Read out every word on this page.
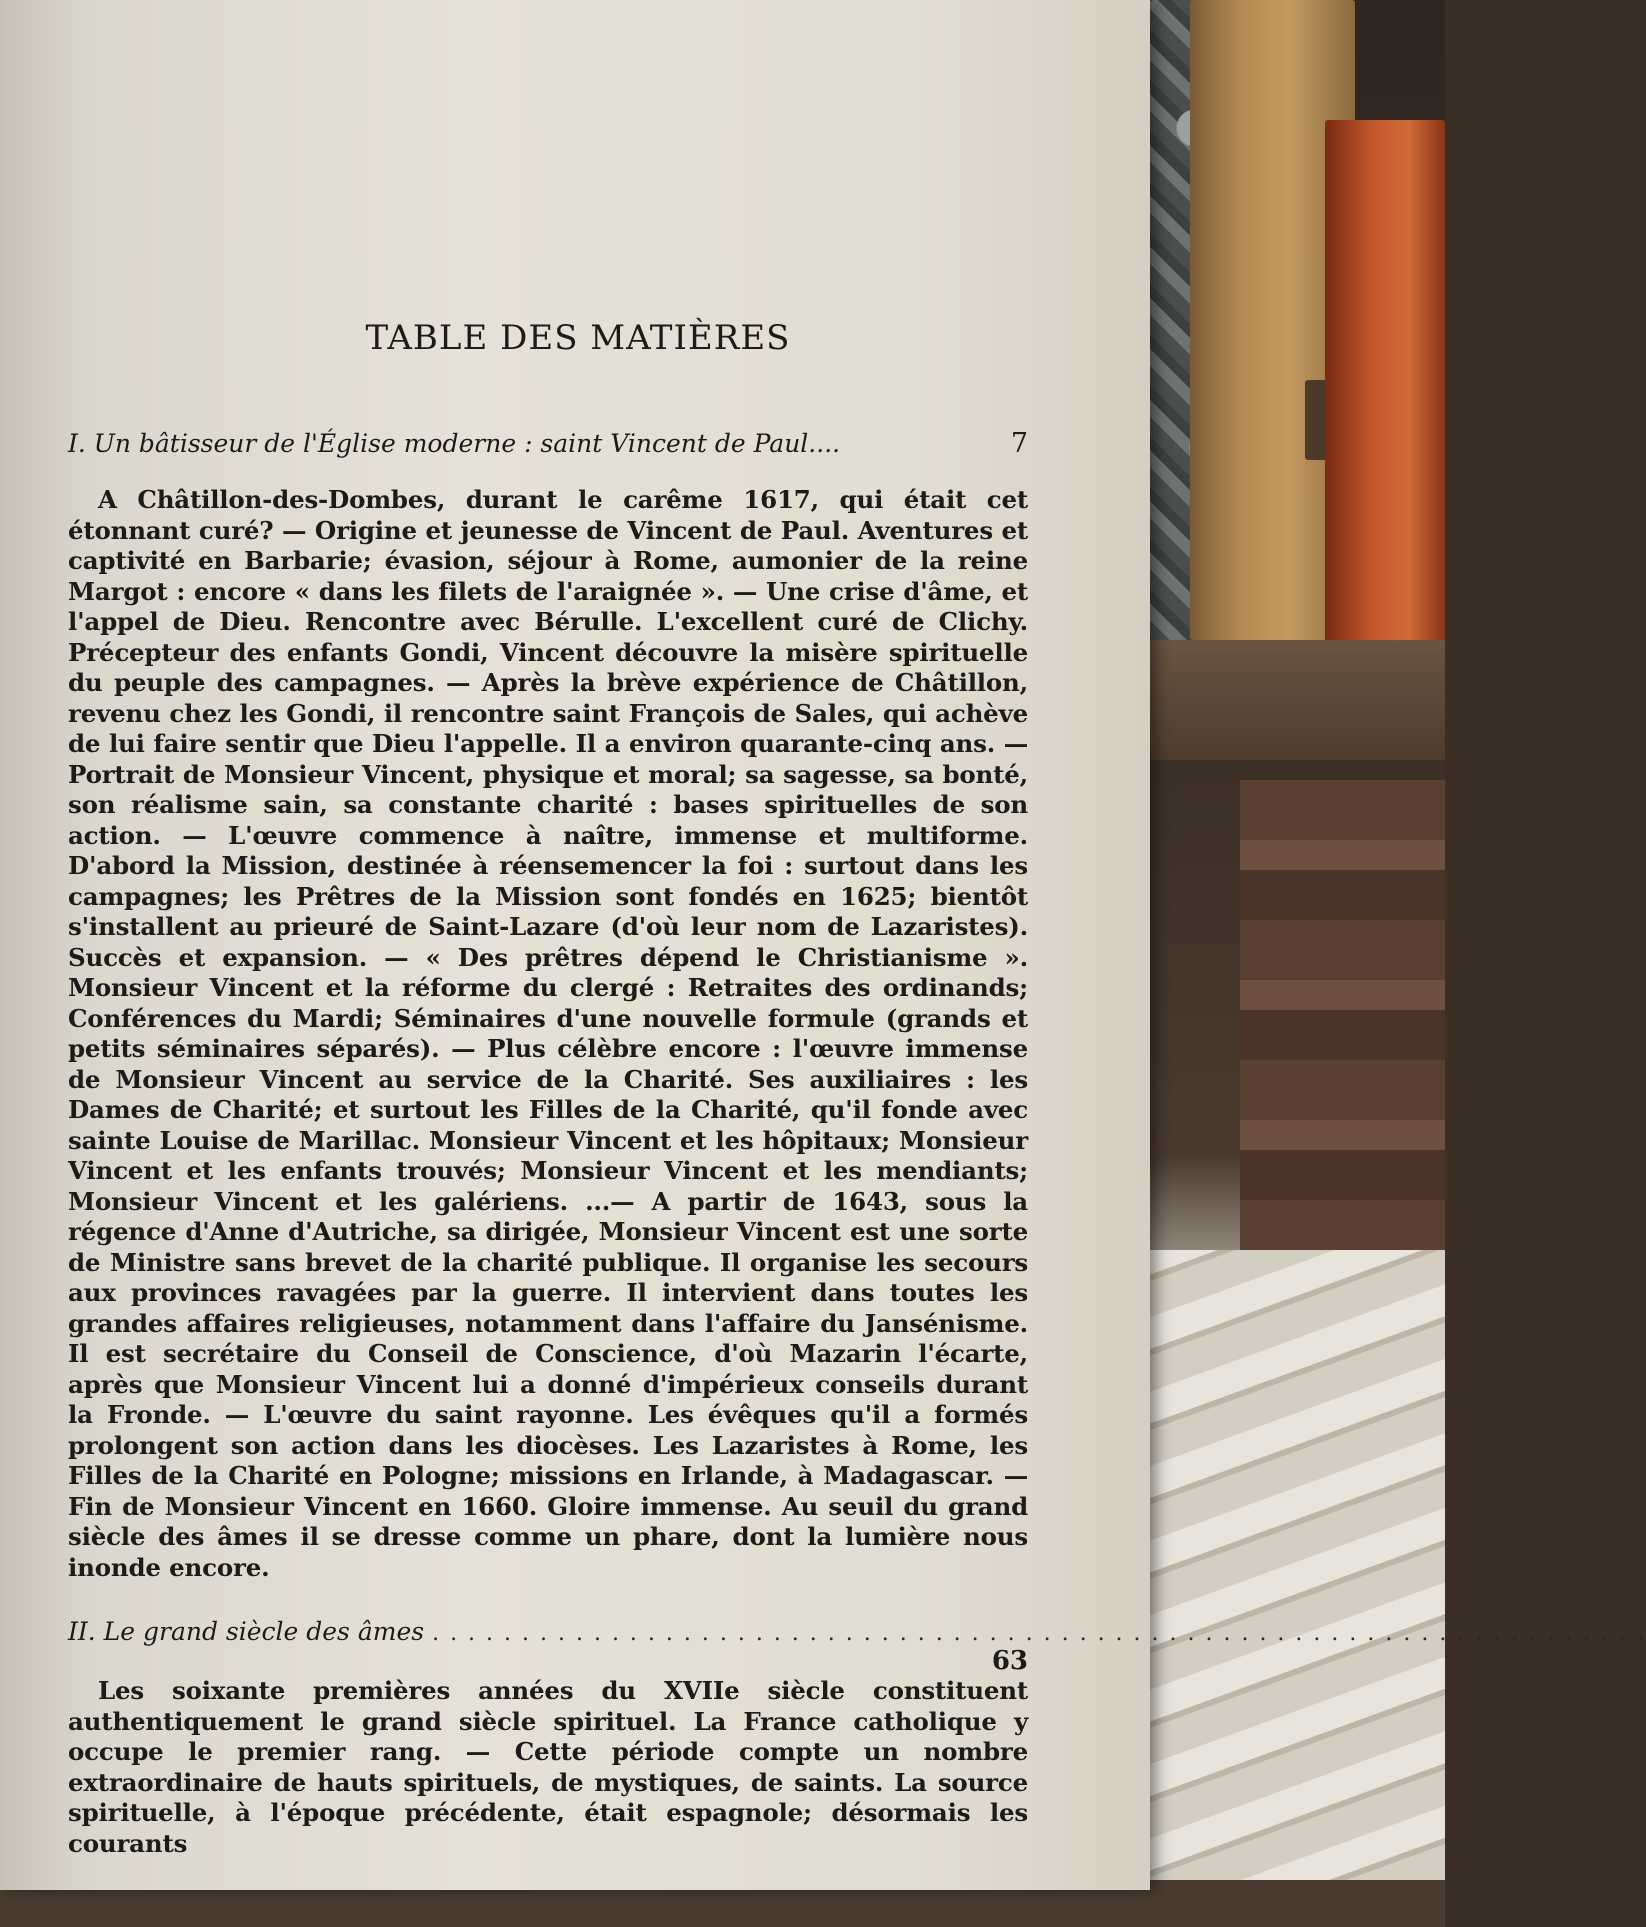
TABLE DES MATIÈRES
I. Un bâtisseur de l'Église moderne : saint Vincent de Paul....	7

A Châtillon-des-Dombes, durant le carême 1617, qui était cet étonnant curé? — Origine et jeunesse de Vincent de Paul. Aventures et captivité en Barbarie; évasion, séjour à Rome, aumonier de la reine Margot : encore « dans les filets de l'araignée ». — Une crise d'âme, et l'appel de Dieu. Rencontre avec Bérulle. L'excellent curé de Clichy. Précepteur des enfants Gondi, Vincent découvre la misère spirituelle du peuple des campagnes. — Après la brève expérience de Châtillon, revenu chez les Gondi, il rencontre saint François de Sales, qui achève de lui faire sentir que Dieu l'appelle. Il a environ quarante-cinq ans. — Portrait de Monsieur Vincent, physique et moral; sa sagesse, sa bonté, son réalisme sain, sa constante charité : bases spirituelles de son action. — L'œuvre commence à naître, immense et multiforme. D'abord la Mission, destinée à réensemencer la foi : surtout dans les campagnes; les Prêtres de la Mission sont fondés en 1625; bientôt s'installent au prieuré de Saint-Lazare (d'où leur nom de Lazaristes). Succès et expansion. — « Des prêtres dépend le Christianisme ». Monsieur Vincent et la réforme du clergé : Retraites des ordinands; Conférences du Mardi; Séminaires d'une nouvelle formule (grands et petits séminaires séparés). — Plus célèbre encore : l'œuvre immense de Monsieur Vincent au service de la Charité. Ses auxiliaires : les Dames de Charité; et surtout les Filles de la Charité, qu'il fonde avec sainte Louise de Marillac. Monsieur Vincent et les hôpitaux; Monsieur Vincent et les enfants trouvés; Monsieur Vincent et les mendiants; Monsieur Vincent et les galériens. ...— A partir de 1643, sous la régence d'Anne d'Autriche, sa dirigée, Monsieur Vincent est une sorte de Ministre sans brevet de la charité publique. Il organise les secours aux provinces ravagées par la guerre. Il intervient dans toutes les grandes affaires religieuses, notamment dans l'affaire du Jansénisme. Il est secrétaire du Conseil de Conscience, d'où Mazarin l'écarte, après que Monsieur Vincent lui a donné d'impérieux conseils durant la Fronde. — L'œuvre du saint rayonne. Les évêques qu'il a formés prolongent son action dans les diocèses. Les Lazaristes à Rome, les Filles de la Charité en Pologne; missions en Irlande, à Madagascar. — Fin de Monsieur Vincent en 1660. Gloire immense. Au seuil du grand siècle des âmes il se dresse comme un phare, dont la lumière nous inonde encore.

II. Le grand siècle des âmes . . . . . . . . . . . . . . . . . . . . . . . . . . . . . . . . . . . . . . . . . . . . . . . . . . . . . . . . . . . . . . . . . . . .
63

Les soixante premières années du XVIIe siècle constituent authentiquement le grand siècle spirituel. La France catholique y occupe le premier rang. — Cette période compte un nombre extraordinaire de hauts spirituels, de mystiques, de saints. La source spirituelle, à l'époque précédente, était espagnole; désormais les courants
